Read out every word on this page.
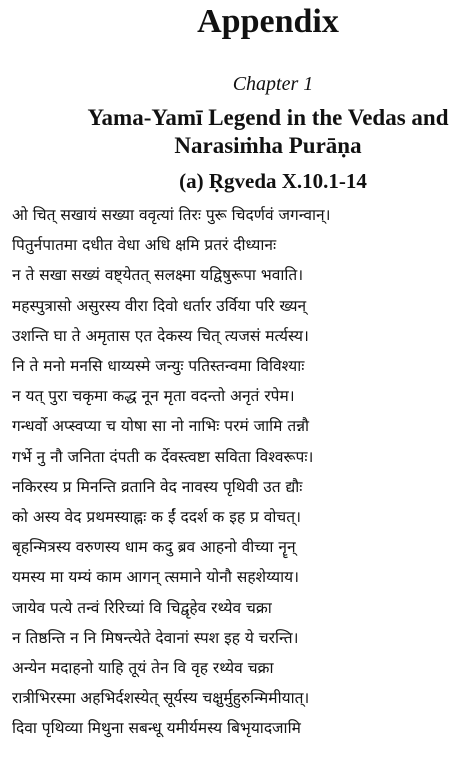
Appendix
Chapter 1
Yama-Yamī Legend in the Vedas and
Narasiṁha Purāṇa
(a) Ṛgveda X.10.1-14
ओ चित् सखायं सख्या ववृत्यां तिरः पुरू चिदर्णवं जगन्वान्।
पितुर्नपातमा दधीत वेधा अधि क्षमि प्रतरं दीध्यानः
न ते सखा सख्यं वष्ट्येतत् सलक्ष्मा यद्विषुरूपा भवाति।
महस्पुत्रासो असुरस्य वीरा दिवो धर्तार उर्विया परि ख्यन्
उशन्ति घा ते अमृतास एत देकस्य चित् त्यजसं मर्त्यस्य।
नि ते मनो मनसि धाय्यस्मे जन्युः पतिस्तन्वमा विविश्याः
न यत् पुरा चकृमा कद्ध नून मृता वदन्तो अनृतं रपेम।
गन्धर्वो अप्स्वप्या च योषा सा नो नाभिः परमं जामि तन्नौ
गर्भे नु नौ जनिता दंपती क र्देवस्त्वष्टा सविता विश्वरूपः।
नकिरस्य प्र मिनन्ति व्रतानि वेद नावस्य पृथिवी उत द्यौः
को अस्य वेद प्रथमस्याह्नः क ईं ददर्श क इह प्र वोचत्।
बृहन्मित्रस्य वरुणस्य धाम कदु ब्रव आहनो वीच्या नॄन्
यमस्य मा यम्यं काम आगन् त्समाने योनौ सहशेय्याय।
जायेव पत्ये तन्वं रिरिच्यां वि चिद्वृहेव रथ्येव चक्रा
न तिष्ठन्ति न नि मिषन्त्येते देवानां स्पश इह ये चरन्ति।
अन्येन मदाहनो याहि तूयं तेन वि वृह रथ्येव चक्रा
रात्रीभिरस्मा अहभिर्दशस्येत् सूर्यस्य चक्षुर्मुहुरुन्मिमीयात्।
दिवा पृथिव्या मिथुना सबन्धू यमीर्यमस्य बिभृयादजामि
